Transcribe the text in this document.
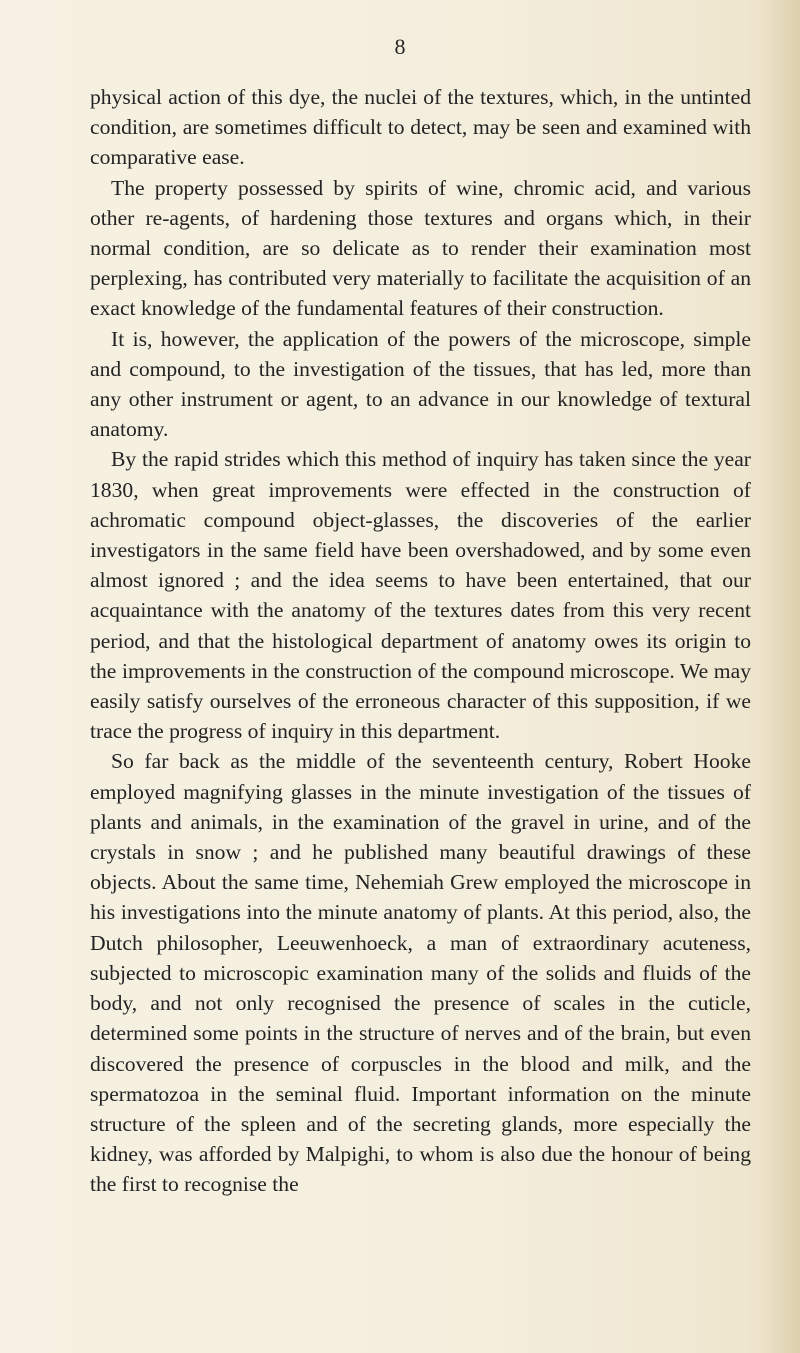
8

physical action of this dye, the nuclei of the textures, which, in the untinted condition, are sometimes difficult to detect, may be seen and examined with comparative ease.

The property possessed by spirits of wine, chromic acid, and various other re-agents, of hardening those textures and organs which, in their normal condition, are so delicate as to render their examination most perplexing, has contributed very materially to facilitate the acquisition of an exact knowledge of the fundamental features of their construction.

It is, however, the application of the powers of the microscope, simple and compound, to the investigation of the tissues, that has led, more than any other instrument or agent, to an advance in our knowledge of textural anatomy.

By the rapid strides which this method of inquiry has taken since the year 1830, when great improvements were effected in the construction of achromatic compound object-glasses, the discoveries of the earlier investigators in the same field have been overshadowed, and by some even almost ignored ; and the idea seems to have been entertained, that our acquaintance with the anatomy of the textures dates from this very recent period, and that the histological department of anatomy owes its origin to the improvements in the construction of the compound microscope. We may easily satisfy ourselves of the erroneous character of this supposition, if we trace the progress of inquiry in this department.

So far back as the middle of the seventeenth century, Robert Hooke employed magnifying glasses in the minute investigation of the tissues of plants and animals, in the examination of the gravel in urine, and of the crystals in snow ; and he published many beautiful drawings of these objects. About the same time, Nehemiah Grew employed the microscope in his investigations into the minute anatomy of plants. At this period, also, the Dutch philosopher, Leeuwenhoeck, a man of extraordinary acuteness, subjected to microscopic examination many of the solids and fluids of the body, and not only recognised the presence of scales in the cuticle, determined some points in the structure of nerves and of the brain, but even discovered the presence of corpuscles in the blood and milk, and the spermatozoa in the seminal fluid. Important information on the minute structure of the spleen and of the secreting glands, more especially the kidney, was afforded by Malpighi, to whom is also due the honour of being the first to recognise the
